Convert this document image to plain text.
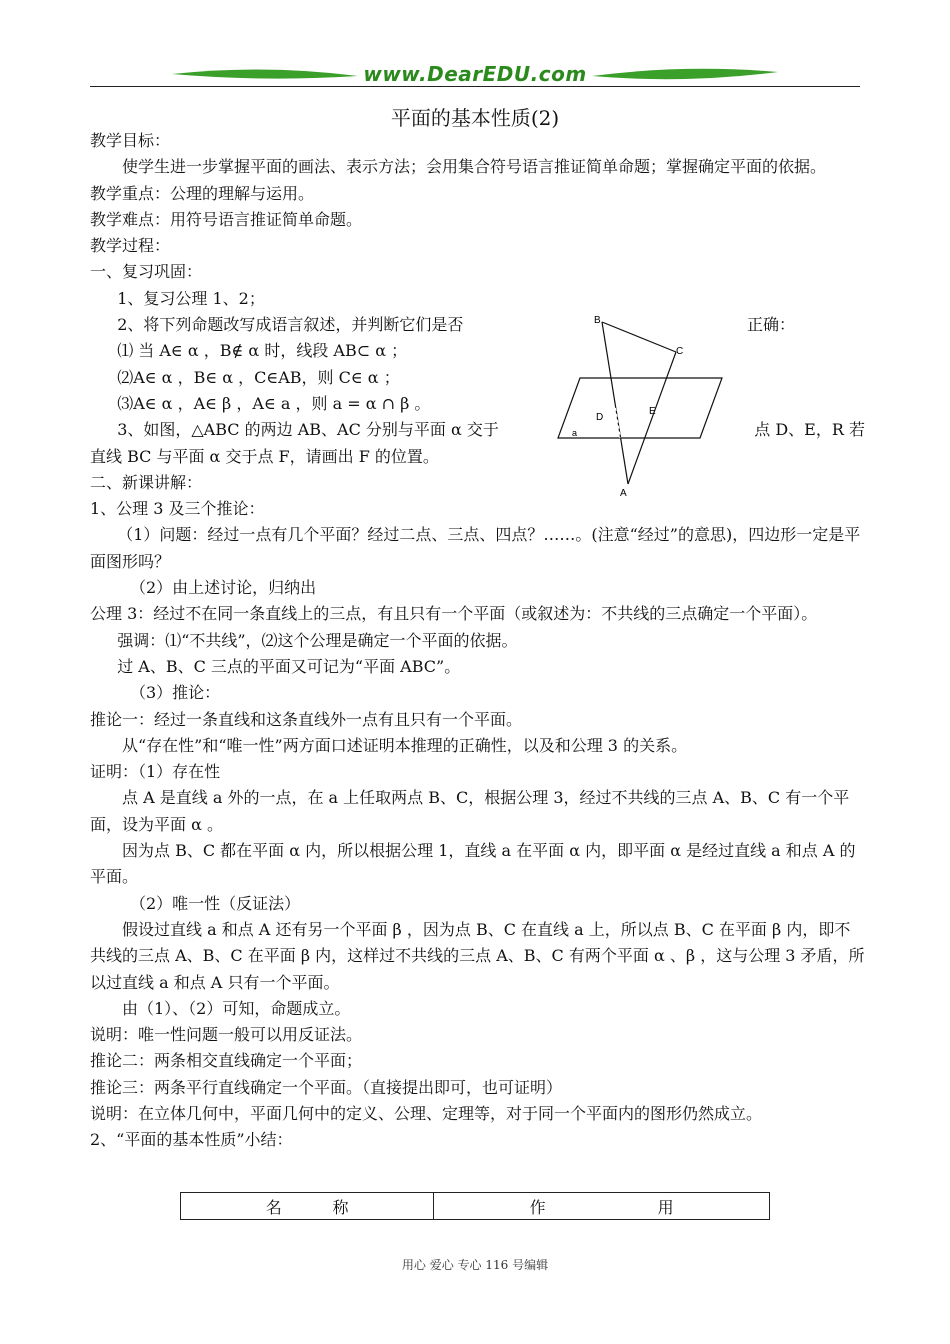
www.DearEDU.com
平面的基本性质(2)

教学目标：

使学生进一步掌握平面的画法、表示方法；会用集合符号语言推证简单命题；掌握确定平面的依据。

教学重点：公理的理解与运用。

教学难点：用符号语言推证简单命题。

教学过程：

一、复习巩固：

1、复习公理 1、2；

2、将下列命题改写成语言叙述，并判断它们是否	正确：

⑴ 当 A∈ α ，B∉ α 时，线段 AB⊂ α ；

⑵A∈ α ，B∈ α ，C∈AB，则 C∈ α ；

⑶A∈ α ，A∈ β ，A∈ a ，则 a = α ∩ β 。

3、如图，△ABC 的两边 AB、AC 分别与平面 α 交于	点 D、E，R 若

直线 BC 与平面 α 交于点 F，请画出 F 的位置。

二、新课讲解：

1、公理 3 及三个推论：

（1）问题：经过一点有几个平面？经过二点、三点、四点？……。(注意“经过”的意思)，四边形一定是平面图形吗？

（2）由上述讨论，归纳出

公理 3：经过不在同一条直线上的三点，有且只有一个平面（或叙述为：不共线的三点确定一个平面）。

强调：⑴“不共线”，⑵这个公理是确定一个平面的依据。

过 A、B、C 三点的平面又可记为“平面 ABC”。

（3）推论：

推论一：经过一条直线和这条直线外一点有且只有一个平面。

从“存在性”和“唯一性”两方面口述证明本推理的正确性，以及和公理 3 的关系。

证明：（1）存在性

点 A 是直线 a 外的一点，在 a 上任取两点 B、C，根据公理 3，经过不共线的三点 A、B、C 有一个平面，设为平面 α 。

因为点 B、C 都在平面 α 内，所以根据公理 1，直线 a 在平面 α 内，即平面 α 是经过直线 a 和点 A 的平面。

（2）唯一性（反证法）

假设过直线 a 和点 A 还有另一个平面 β ，因为点 B、C 在直线 a 上，所以点 B、C 在平面 β 内，即不共线的三点 A、B、C 在平面 β 内，这样过不共线的三点 A、B、C 有两个平面 α 、β ，这与公理 3 矛盾，所以过直线 a 和点 A 只有一个平面。

由（1）、（2）可知，命题成立。

说明：唯一性问题一般可以用反证法。

推论二：两条相交直线确定一个平面；

推论三：两条平行直线确定一个平面。（直接提出即可，也可证明）

说明：在立体几何中，平面几何中的定义、公理、定理等，对于同一个平面内的图形仍然成立。

2、“平面的基本性质”小结：

B
C
D
E
a
A
名          称	作                      用
用心 爱心 专心 116 号编辑
